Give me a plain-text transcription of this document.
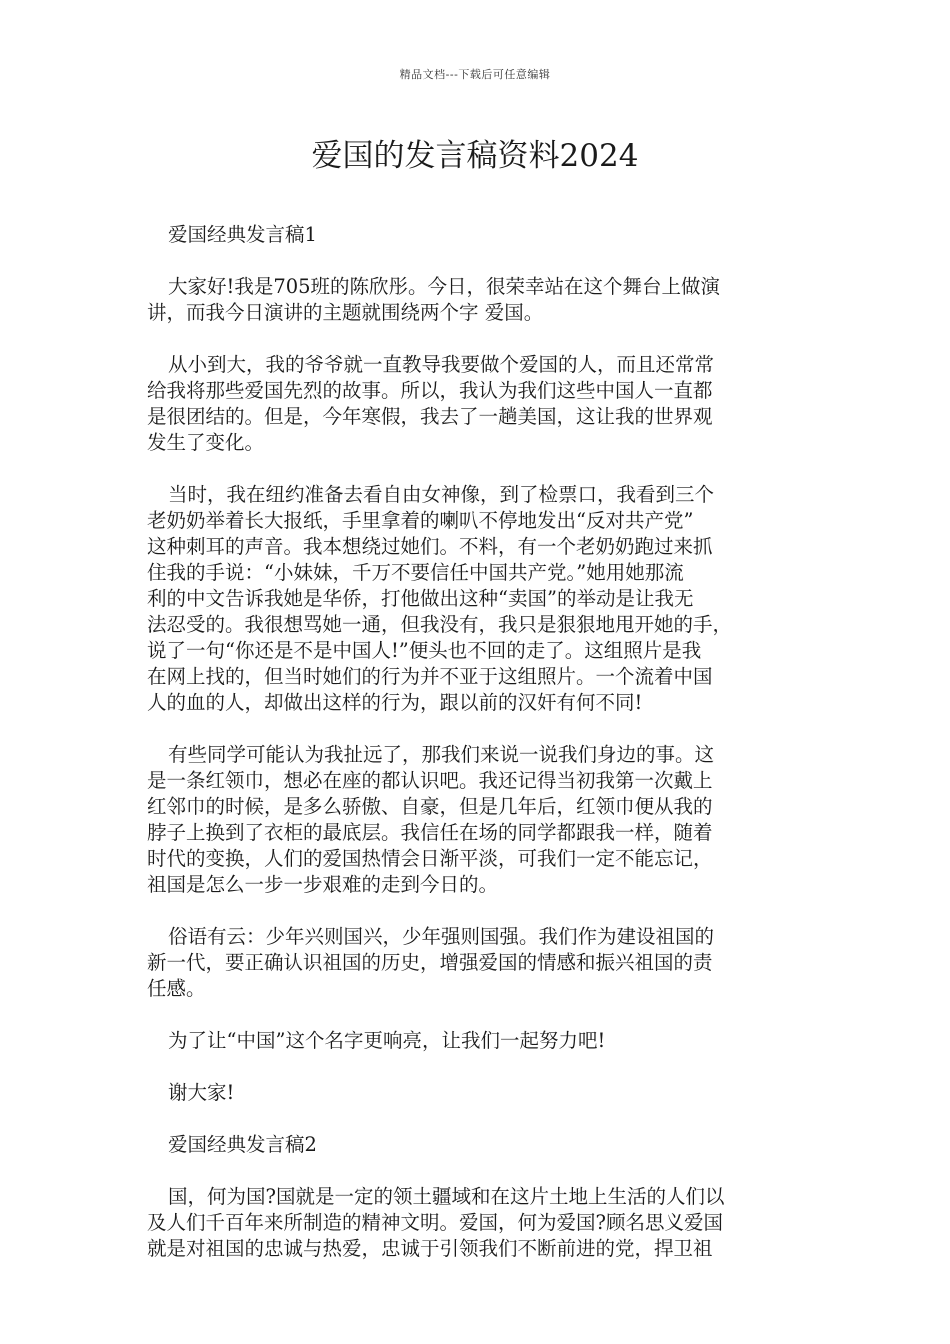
精品文档---下载后可任意编辑
爱国的发言稿资料2024

爱国经典发言稿1

大家好!我是705班的陈欣彤。今日，很荣幸站在这个舞台上做演
讲，而我今日演讲的主题就围绕两个字 爱国。

从小到大，我的爷爷就一直教导我要做个爱国的人，而且还常常
给我将那些爱国先烈的故事。所以，我认为我们这些中国人一直都
是很团结的。但是，今年寒假，我去了一趟美国，这让我的世界观
发生了变化。

当时，我在纽约准备去看自由女神像，到了检票口，我看到三个
老奶奶举着长大报纸，手里拿着的喇叭不停地发出“反对共产党”
这种刺耳的声音。我本想绕过她们。不料，有一个老奶奶跑过来抓
住我的手说：“小妹妹，千万不要信任中国共产党。”她用她那流
利的中文告诉我她是华侨，打他做出这种“卖国”的举动是让我无
法忍受的。我很想骂她一通，但我没有，我只是狠狠地甩开她的手，
说了一句“你还是不是中国人!”便头也不回的走了。这组照片是我
在网上找的，但当时她们的行为并不亚于这组照片。一个流着中国
人的血的人，却做出这样的行为，跟以前的汉奸有何不同!

有些同学可能认为我扯远了，那我们来说一说我们身边的事。这
是一条红领巾，想必在座的都认识吧。我还记得当初我第一次戴上
红邻巾的时候，是多么骄傲、自豪，但是几年后，红领巾便从我的
脖子上换到了衣柜的最底层。我信任在场的同学都跟我一样，随着
时代的变换，人们的爱国热情会日渐平淡，可我们一定不能忘记，
祖国是怎么一步一步艰难的走到今日的。

俗语有云：少年兴则国兴，少年强则国强。我们作为建设祖国的
新一代，要正确认识祖国的历史，增强爱国的情感和振兴祖国的责
任感。

为了让“中国”这个名字更响亮，让我们一起努力吧!

谢大家!

爱国经典发言稿2

国，何为国?国就是一定的领土疆域和在这片土地上生活的人们以
及人们千百年来所制造的精神文明。爱国，何为爱国?顾名思义爱国
就是对祖国的忠诚与热爱，忠诚于引领我们不断前进的党，捍卫祖
